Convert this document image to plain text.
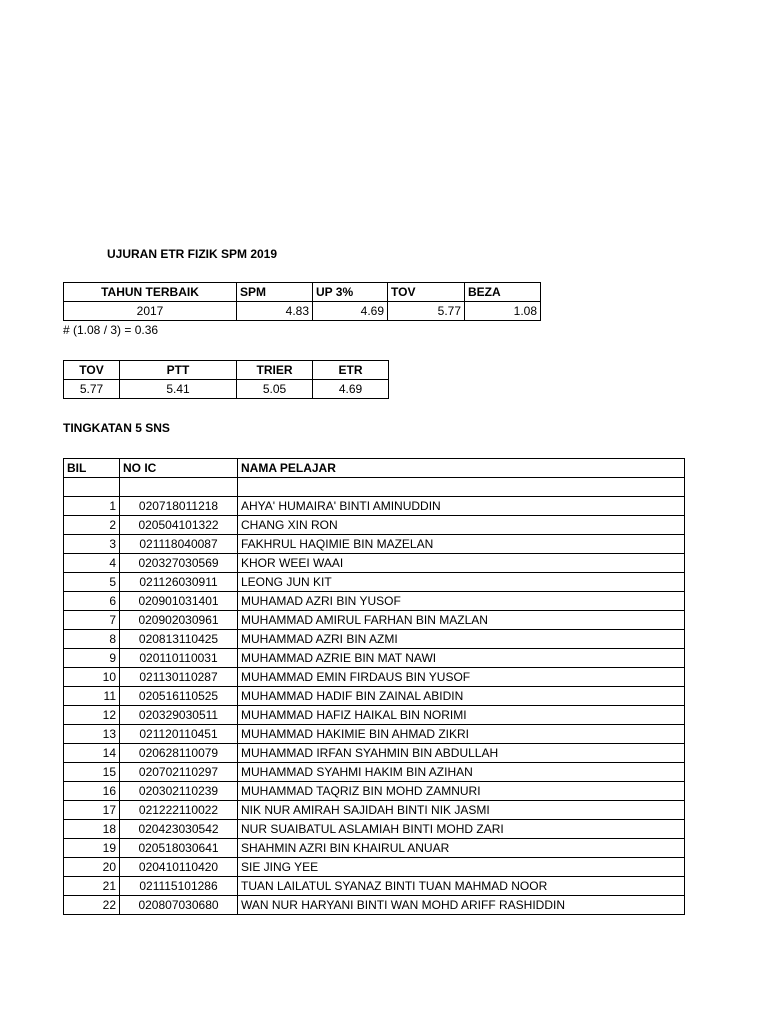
UJURAN ETR FIZIK SPM 2019
TAHUN TERBAIK	SPM	UP 3%	TOV	BEZA
2017	4.83	4.69	5.77	1.08
# (1.08 / 3) = 0.36
TOV	PTT	TRIER	ETR
5.77	5.41	5.05	4.69
TINGKATAN 5 SNS
BIL	NO IC	NAMA PELAJAR

1	020718011218	AHYA' HUMAIRA' BINTI AMINUDDIN
2	020504101322	CHANG XIN RON
3	021118040087	FAKHRUL HAQIMIE BIN MAZELAN
4	020327030569	KHOR WEEI WAAI
5	021126030911	LEONG JUN KIT
6	020901031401	MUHAMAD AZRI BIN YUSOF
7	020902030961	MUHAMMAD AMIRUL FARHAN BIN MAZLAN
8	020813110425	MUHAMMAD AZRI BIN AZMI
9	020110110031	MUHAMMAD AZRIE BIN MAT NAWI
10	021130110287	MUHAMMAD EMIN FIRDAUS BIN YUSOF
11	020516110525	MUHAMMAD HADIF BIN ZAINAL ABIDIN
12	020329030511	MUHAMMAD HAFIZ HAIKAL BIN NORIMI
13	021120110451	MUHAMMAD HAKIMIE BIN AHMAD ZIKRI
14	020628110079	MUHAMMAD IRFAN SYAHMIN BIN ABDULLAH
15	020702110297	MUHAMMAD SYAHMI HAKIM BIN AZIHAN
16	020302110239	MUHAMMAD TAQRIZ BIN MOHD ZAMNURI
17	021222110022	NIK NUR AMIRAH SAJIDAH BINTI NIK JASMI
18	020423030542	NUR SUAIBATUL ASLAMIAH BINTI MOHD ZARI
19	020518030641	SHAHMIN AZRI BIN KHAIRUL ANUAR
20	020410110420	SIE JING YEE
21	021115101286	TUAN LAILATUL SYANAZ BINTI TUAN MAHMAD NOOR
22	020807030680	WAN NUR HARYANI BINTI WAN MOHD ARIFF RASHIDDIN
